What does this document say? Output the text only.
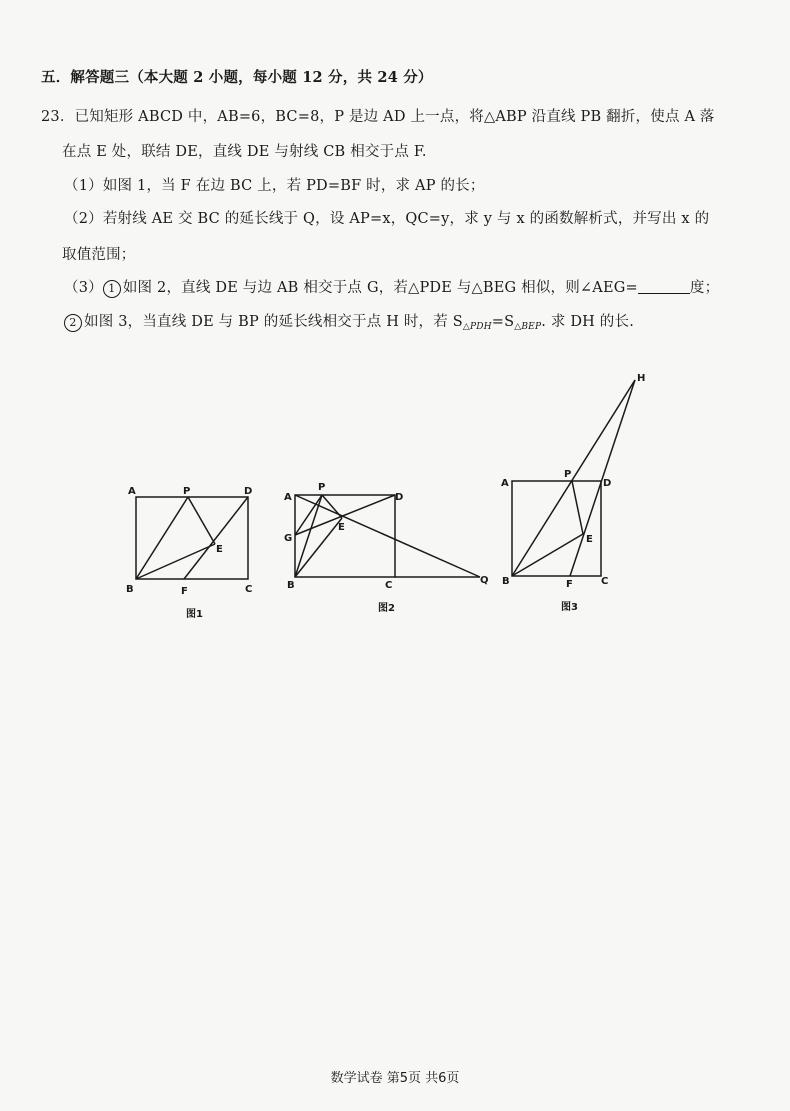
五．解答题三（本大题 2 小题，每小题 12 分，共 24 分）
23．已知矩形 ABCD 中，AB=6，BC=8，P 是边 AD 上一点，将△ABP 沿直线 PB 翻折，使点 A 落
在点 E 处，联结 DE，直线 DE 与射线 CB 相交于点 F.
（1）如图 1，当 F 在边 BC 上，若 PD=BF 时，求 AP 的长；
（2）若射线 AE 交 BC 的延长线于 Q，设 AP=x，QC=y，求 y 与 x 的函数解析式，并写出 x 的
取值范围；
（3） 1 如图 2，直线 DE 与边 AB 相交于点 G，若△PDE 与△BEG 相似，则∠AEG=	度；
2 如图 3，当直线 DE 与 BP 的延长线相交于点 H 时，若 $S_{\triangle PDH}=S_{\triangle BEP}$. 求 DH 的长.
A	P	D
E
B	F	C
图1
A
P
D
G
E
B	C	Q
图2
H
A
P
D
E
B	F	C
图3
数学试卷 第5页 共6页
